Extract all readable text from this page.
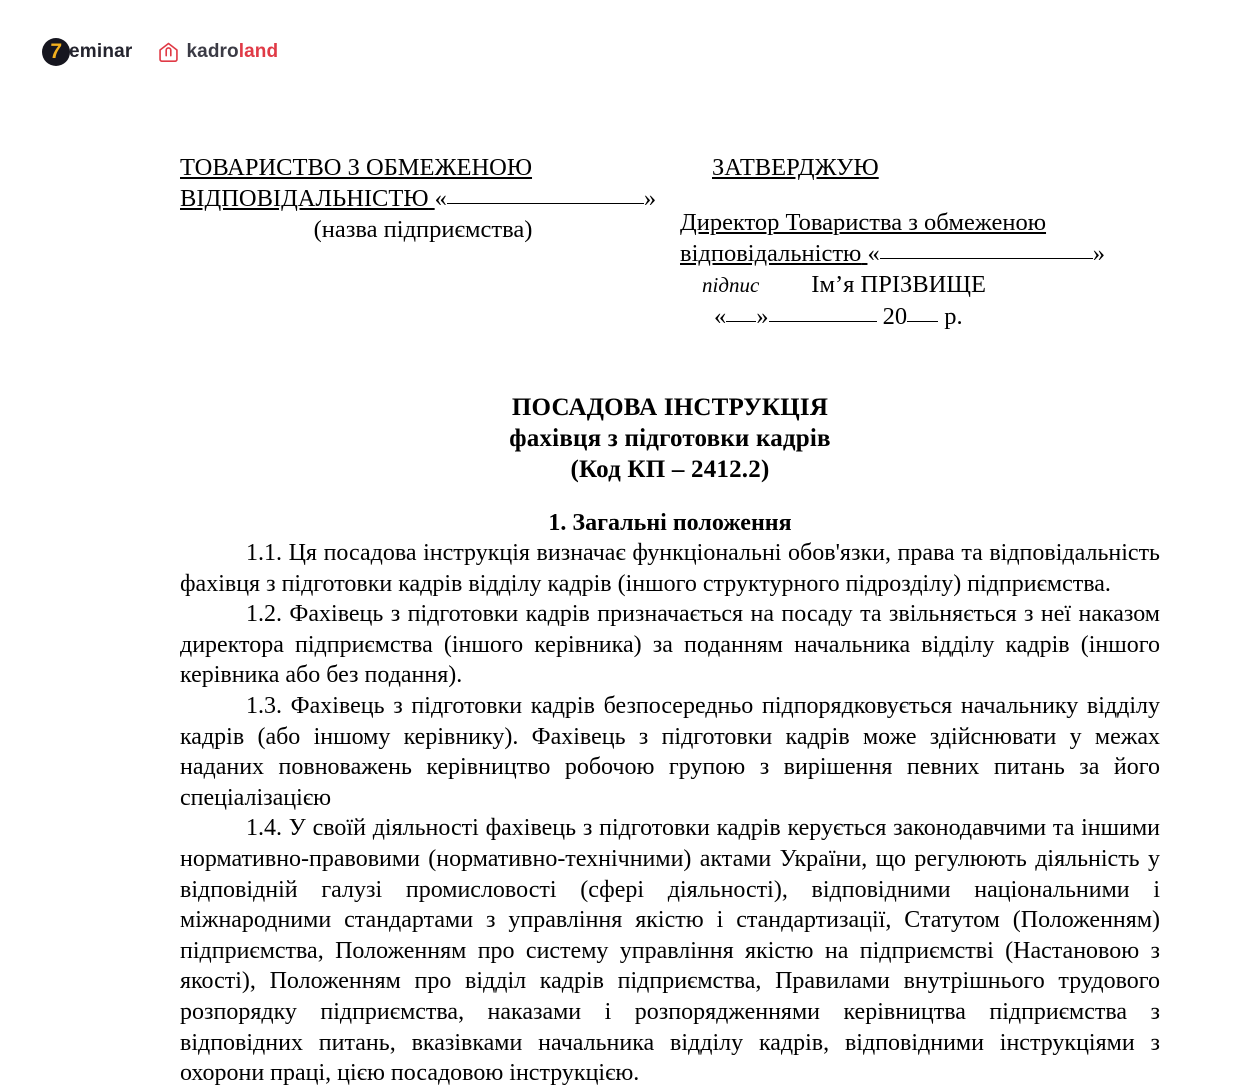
7 eminar	kadroland
ТОВАРИСТВО З ОБМЕЖЕНОЮ
ВІДПОВІДАЛЬНІСТЮ «	»
(назва підприємства)
ЗАТВЕРДЖУЮ
Директор Товариства з обмеженою
відповідальністю «	»
підпис Ім’я ПРІЗВИЩЕ
« »	20 р.
ПОСАДОВА ІНСТРУКЦІЯ
фахівця з підготовки кадрів
(Код КП – 2412.2)
1. Загальні положення

1.1. Ця посадова інструкція визначає функціональні обов'язки, права та відповідальність фахівця з підготовки кадрів відділу кадрів (іншого структурного підрозділу) підприємства.

1.2. Фахівець з підготовки кадрів призначається на посаду та звільняється з неї наказом директора підприємства (іншого керівника) за поданням начальника відділу кадрів (іншого керівника або без подання).

1.3. Фахівець з підготовки кадрів безпосередньо підпорядковується начальнику відділу кадрів (або іншому керівнику). Фахівець з підготовки кадрів може здійснювати у межах наданих повноважень керівництво робочою групою з вирішення певних питань за його спеціалізацією

1.4. У своїй діяльності фахівець з підготовки кадрів керується законодавчими та іншими нормативно-правовими (нормативно-технічними) актами України, що регулюють діяльність у відповідній галузі промисловості (сфері діяльності), відповідними національними і міжнародними стандартами з управління якістю і стандартизації, Статутом (Положенням) підприємства, Положенням про систему управління якістю на підприємстві (Настановою з якості), Положенням про відділ кадрів підприємства, Правилами внутрішнього трудового розпорядку підприємства, наказами і розпорядженнями керівництва підприємства з відповідних питань, вказівками начальника відділу кадрів, відповідними інструкціями з охорони праці, цією посадовою інструкцією.
